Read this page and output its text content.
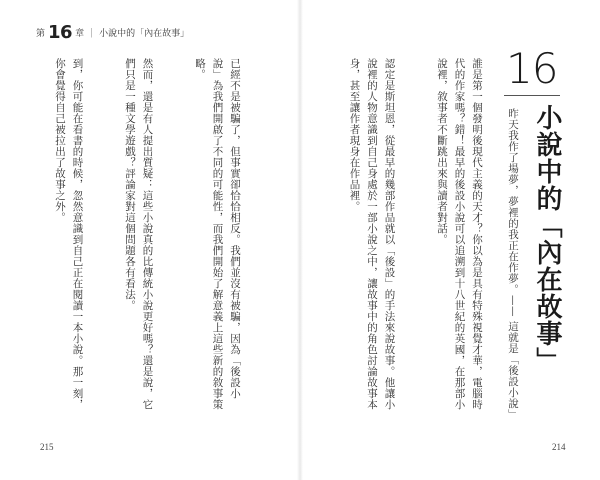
第 16 章 | 小說中的「內在故事」

已經不是被騙了，但事實卻恰恰相反。我們並沒有被騙，因為「後設小說」為我們開啟了不同的可能性，而我們開始了解意義上這些新的敘事策略。

然而，還是有人提出質疑：這些小說真的比傳統小說更好嗎？還是說，它們只是一種文學遊戲？評論家對這個問題各有看法。

到，你可能在看書的時候，忽然意識到自己正在閱讀一本小說。那一刻，你會覺得自己被拉出了故事之外。

215

誰是第一個發明後現代主義的天才？你以為是具有特殊視覺才華，電腦時代的作家嗎？錯！最早的後設小說可以追溯到十八世紀的英國，在那部小說裡，敘事者不斷跳出來與讀者對話。

認定是斯坦恩，從最早的幾部作品就以「後設」的手法來說故事。他讓小說裡的人物意識到自己身處於一部小說之中，讓故事中的角色討論故事本身，甚至讓作者現身在作品裡。

	16
小說中的「內在故事」
昨天我作了場夢，夢裡的我正在作夢。—— 這就是「後設小說」
214
